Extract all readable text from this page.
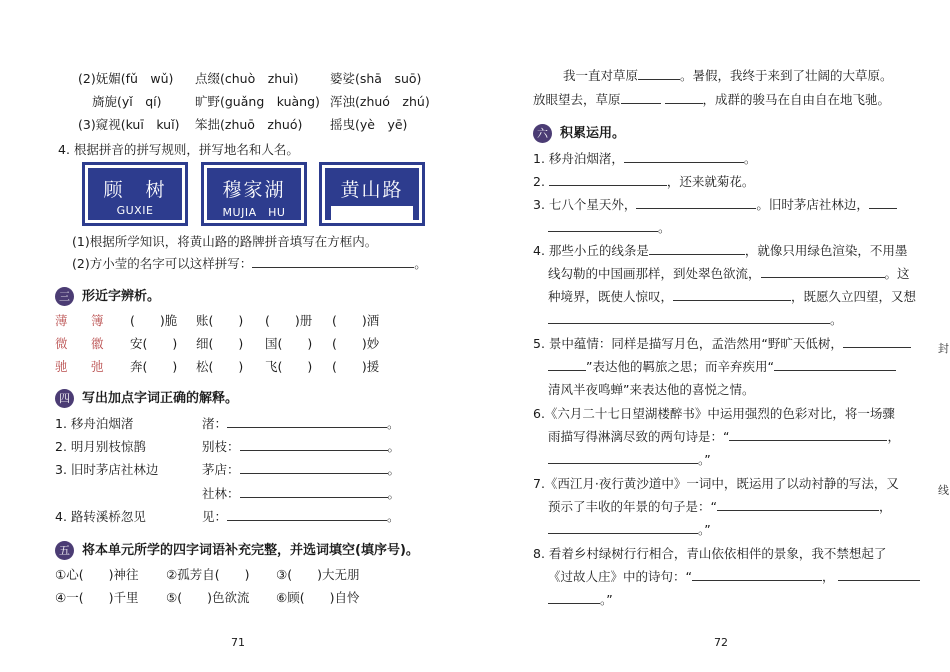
(2)妩媚(fǔ　wǔ) 点缀(chuò　zhuì)	婆娑(shā　suō)
旖旎(yǐ　qí)	旷野(guǎng　kuàng) 浑浊(zhuó　zhú)
(3)窥视(kuī　kuǐ) 笨拙(zhuō　zhuó) 摇曳(yè　yē)
4. 根据拼音的拼写规则，拼写地名和人名。
顾　树
GUXIE
穆家湖
MUJIA　HU
黄山路
(1)根据所学知识，将黄山路的路牌拼音填写在方框内。
(2)方小莹的名字可以这样拼写：	。
三 形近字辨析。
薄 簿 (　　)脆 账(　　) (　　)册 (　　)酒
微 徽 安(　　) 细(　　) 国(　　) (　　)妙
驰 弛 奔(　　) 松(　　) 飞(　　) (　　)援
四 写出加点字词正确的解释。
1. 移舟泊烟渚	渚：	。
2. 明月别枝惊鹊	别枝：	。
3. 旧时茅店社林边	茅店：	。
社林：	。
4. 路转溪桥忽见	见：	。
五 将本单元所学的四字词语补充完整，并选词填空(填序号)。
①心(　　)神往 ②孤芳自(　　) ③(　　)大无朋
④一(　　)千里 ⑤(　　)色欲流 ⑥顾(　　)自怜
71
我一直对草原	。暑假，我终于来到了壮阔的大草原。
放眼望去，草原	，成群的骏马在自由自在地飞驰。
六 积累运用。
1. 移舟泊烟渚，	。
2.	，还来就菊花。
3. 七八个星天外，	。旧时茅店社林边，
。
4. 那些小丘的线条是	，就像只用绿色渲染，不用墨
线勾勒的中国画那样，到处翠色欲流，	。这
种境界，既使人惊叹，	，既愿久立四望，又想
。
5. 景中蕴情：同样是描写月色，孟浩然用“野旷天低树，
”表达他的羁旅之思；而辛弃疾用“
清风半夜鸣蝉”来表达他的喜悦之情。
6.《六月二十七日望湖楼醉书》中运用强烈的色彩对比，将一场骤
雨描写得淋漓尽致的两句诗是：“	，
。”
7.《西江月·夜行黄沙道中》一词中，既运用了以动衬静的写法，又
预示了丰收的年景的句子是：“	，
。”
8. 看着乡村绿树行行相合，青山依依相伴的景象，我不禁想起了
《过故人庄》中的诗句：“	，
。”
封
线
72
